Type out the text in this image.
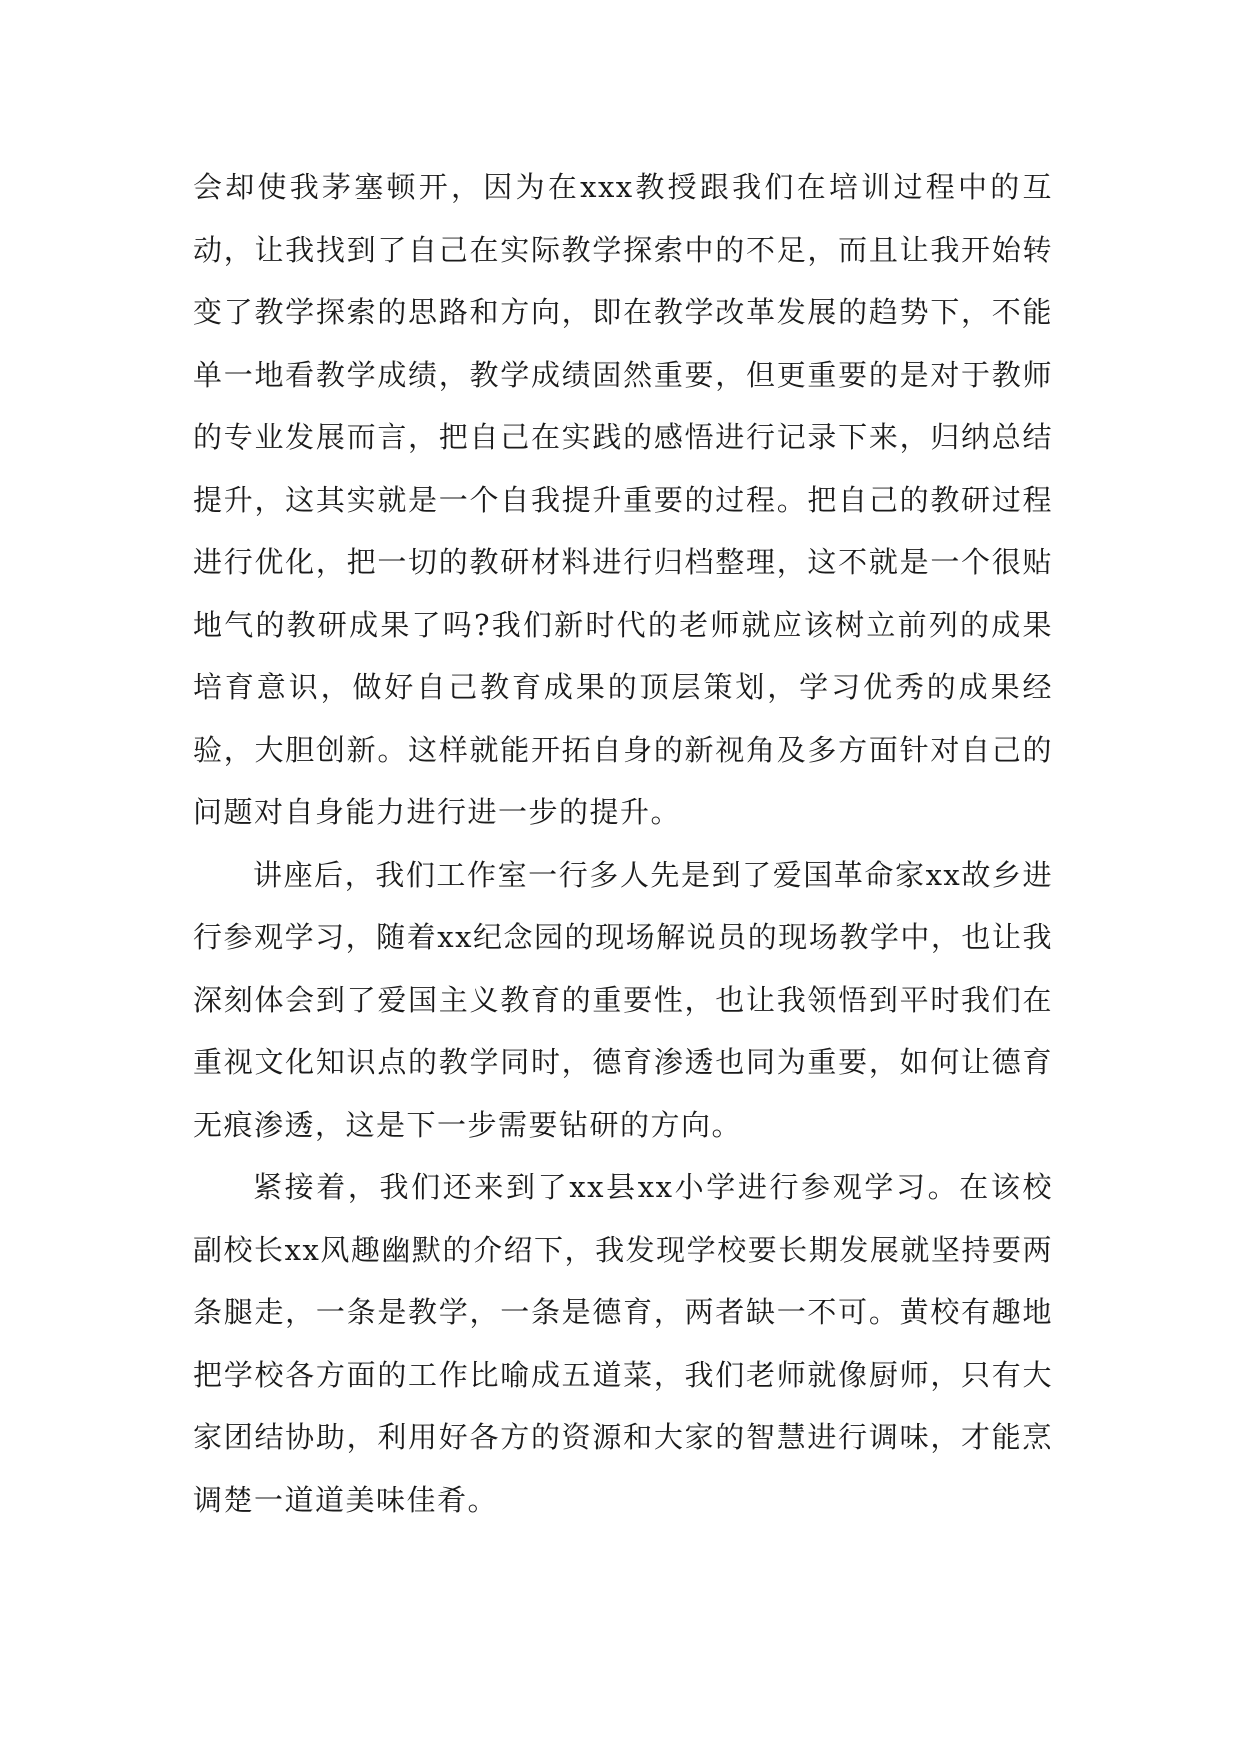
会却使我茅塞顿开，因为在xxx教授跟我们在培训过程中的互动，让我找到了自己在实际教学探索中的不足，而且让我开始转变了教学探索的思路和方向，即在教学改革发展的趋势下，不能单一地看教学成绩，教学成绩固然重要，但更重要的是对于教师的专业发展而言，把自己在实践的感悟进行记录下来，归纳总结提升，这其实就是一个自我提升重要的过程。把自己的教研过程进行优化，把一切的教研材料进行归档整理，这不就是一个很贴地气的教研成果了吗?我们新时代的老师就应该树立前列的成果培育意识，做好自己教育成果的顶层策划，学习优秀的成果经验，大胆创新。这样就能开拓自身的新视角及多方面针对自己的问题对自身能力进行进一步的提升。

讲座后，我们工作室一行多人先是到了爱国革命家xx故乡进行参观学习，随着xx纪念园的现场解说员的现场教学中，也让我深刻体会到了爱国主义教育的重要性，也让我领悟到平时我们在重视文化知识点的教学同时，德育渗透也同为重要，如何让德育无痕渗透，这是下一步需要钻研的方向。

紧接着，我们还来到了xx县xx小学进行参观学习。在该校副校长xx风趣幽默的介绍下，我发现学校要长期发展就坚持要两条腿走，一条是教学，一条是德育，两者缺一不可。黄校有趣地把学校各方面的工作比喻成五道菜，我们老师就像厨师，只有大家团结协助，利用好各方的资源和大家的智慧进行调味，才能烹调楚一道道美味佳肴。
